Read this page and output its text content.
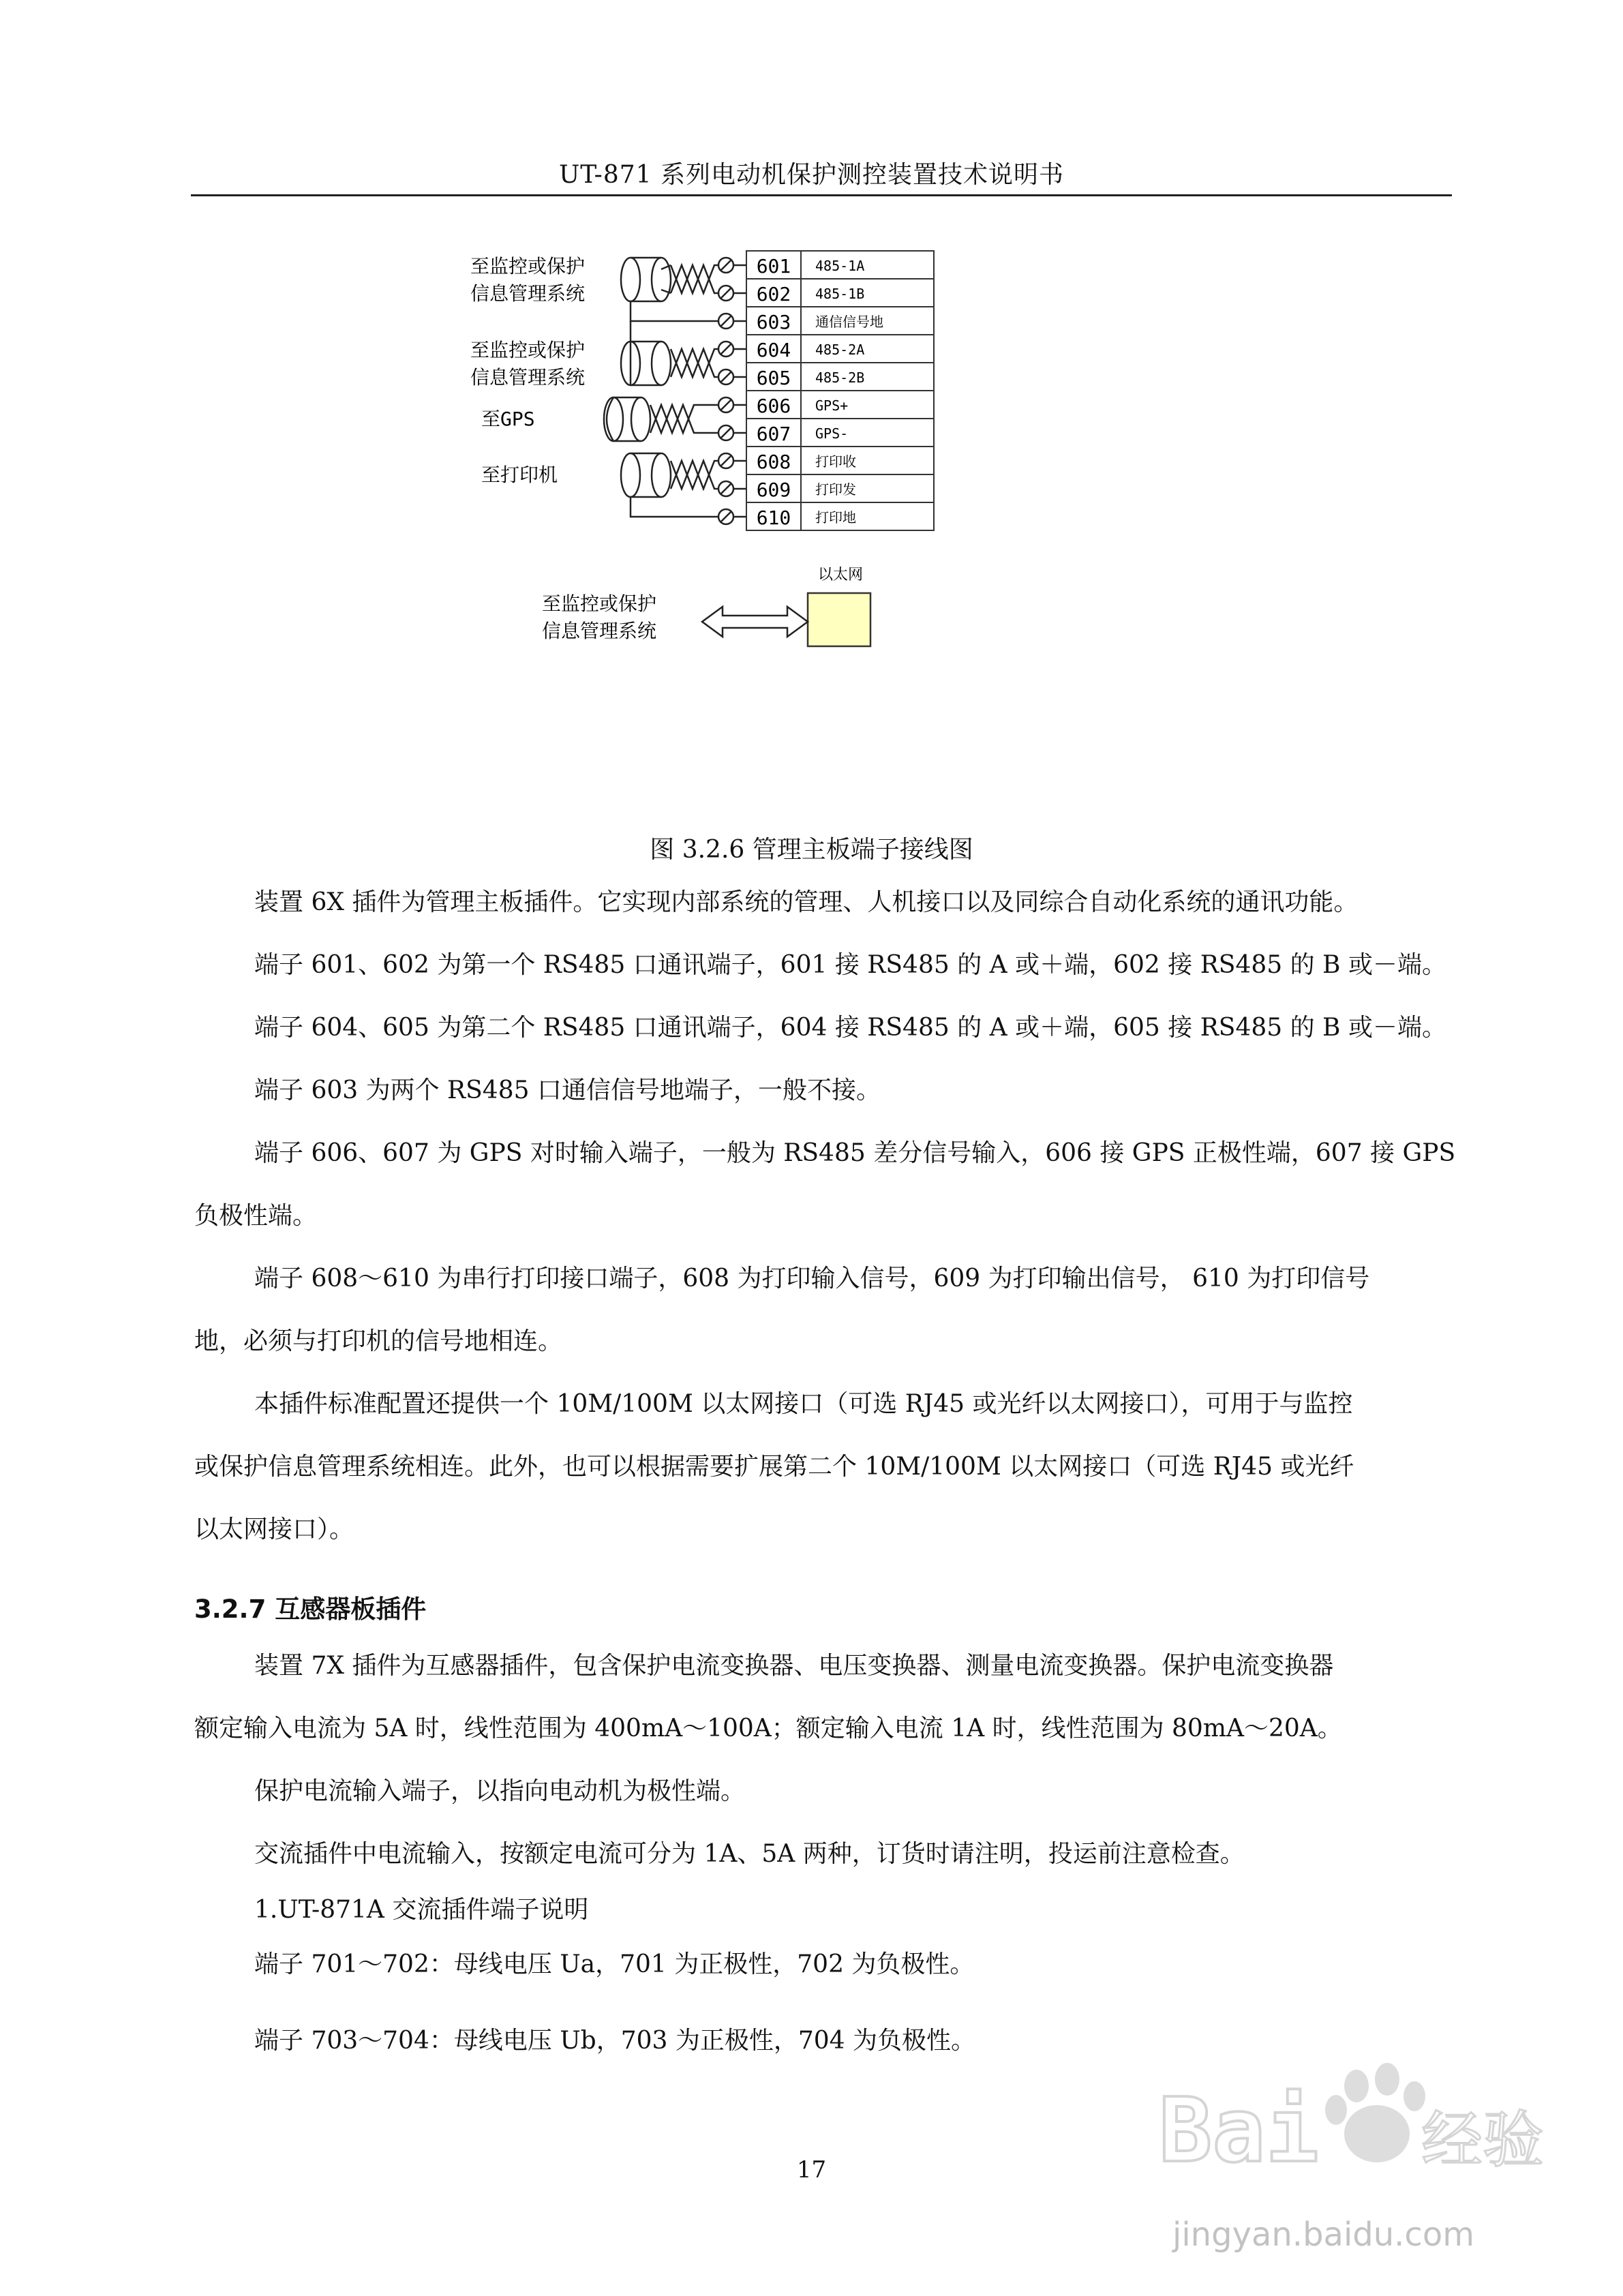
UT-871 系列电动机保护测控装置技术说明书
601
602
603
604
605
606
607
608
609
610
485-1A
485-1B
通信信号地
485-2A
485-2B
GPS+
GPS-
打印收
打印发
打印地
至监控或保护
信息管理系统
至监控或保护
信息管理系统
至GPS
至打印机
以太网
至监控或保护
信息管理系统
图 3.2.6 管理主板端子接线图
装置 6X 插件为管理主板插件。它实现内部系统的管理、人机接口以及同综合自动化系统的通讯功能。
端子 601、602 为第一个 RS485 口通讯端子，601 接 RS485 的 A 或＋端，602 接 RS485 的 B 或－端。
端子 604、605 为第二个 RS485 口通讯端子，604 接 RS485 的 A 或＋端，605 接 RS485 的 B 或－端。
端子 603 为两个 RS485 口通信信号地端子，一般不接。
端子 606、607 为 GPS 对时输入端子，一般为 RS485 差分信号输入，606 接 GPS 正极性端，607 接 GPS
负极性端。
端子 608～610 为串行打印接口端子，608 为打印输入信号，609 为打印输出信号， 610 为打印信号
地，必须与打印机的信号地相连。
本插件标准配置还提供一个 10M/100M 以太网接口（可选 RJ45 或光纤以太网接口），可用于与监控
或保护信息管理系统相连。此外，也可以根据需要扩展第二个 10M/100M 以太网接口（可选 RJ45 或光纤
以太网接口）。
3.2.7 互感器板插件
装置 7X 插件为互感器插件，包含保护电流变换器、电压变换器、测量电流变换器。保护电流变换器
额定输入电流为 5A 时，线性范围为 400mA～100A；额定输入电流 1A 时，线性范围为 80mA～20A。
保护电流输入端子，以指向电动机为极性端。
交流插件中电流输入，按额定电流可分为 1A、5A 两种，订货时请注明，投运前注意检查。
1.UT-871A 交流插件端子说明
端子 701～702：母线电压 Ua，701 为正极性，702 为负极性。
端子 703～704：母线电压 Ub，703 为正极性，704 为负极性。
17	Bai 经验
jingyan.baidu.com
